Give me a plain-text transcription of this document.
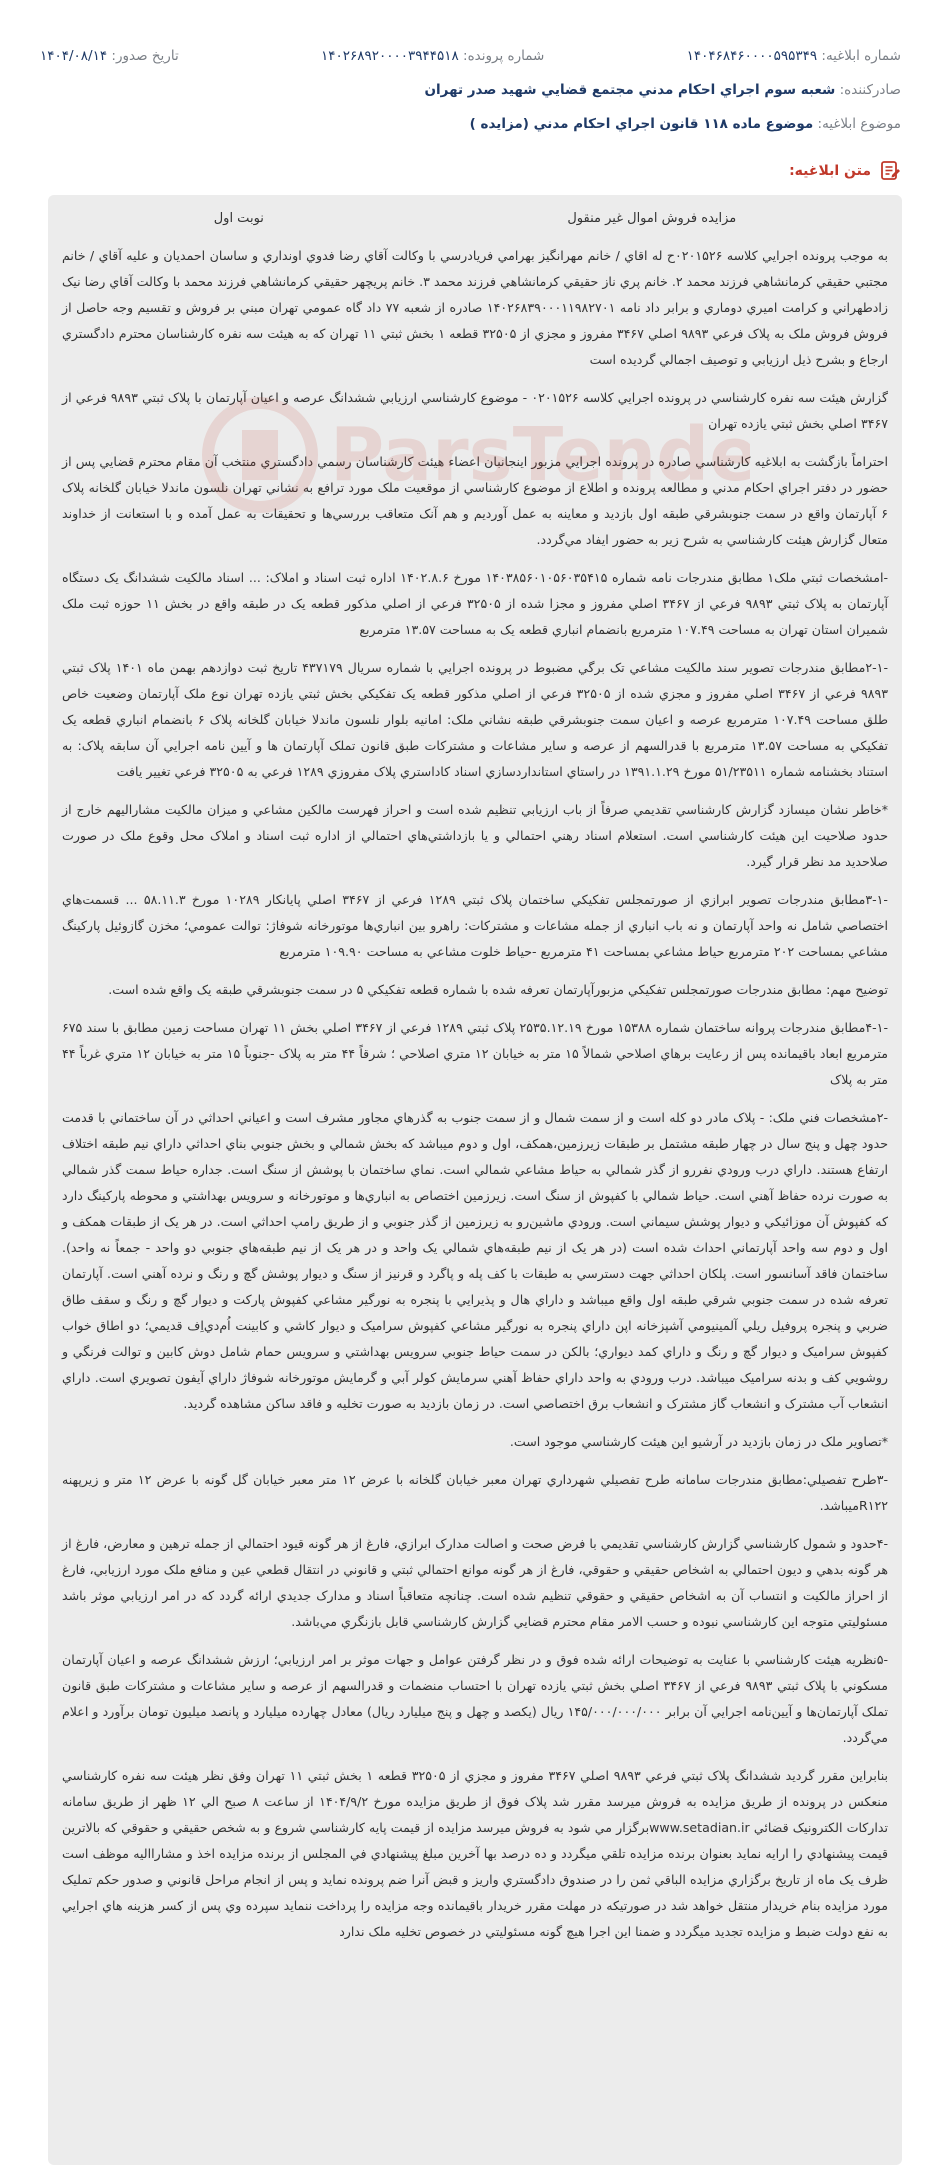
شماره ابلاغيه: ۱۴۰۴۶۸۴۶۰۰۰۰۵۹۵۳۴۹
شماره پرونده: ۱۴۰۲۶۸۹۲۰۰۰۰۳۹۴۴۵۱۸
تاريخ صدور: ۱۴۰۴/۰۸/۱۴
صادرکننده: شعبه سوم اجراي احکام مدني مجتمع قضايي شهيد صدر تهران
موضوع ابلاغيه: موضوع ماده ۱۱۸ قانون اجراي احکام مدني (مزايده )
متن ابلاغيه:
مزايده فروش اموال غير منقول
نوبت اول

به موجب پرونده اجرايي کلاسه ۰۲۰۱۵۲۶ح له اقاي / خانم مهرانگيز بهرامي فريادرسي با وکالت آقاي رضا فدوي اونداري و ساسان احمديان و عليه آقاي / خانم مجتبي حقيقي کرمانشاهي فرزند محمد ۲. خانم پري ناز حقيقي کرمانشاهي فرزند محمد ۳. خانم پريچهر حقيقي کرمانشاهي فرزند محمد با وکالت آقاي رضا نيک زادطهراني و کرامت اميري دوماري و برابر داد نامه ۱۴۰۲۶۸۳۹۰۰۰۱۱۹۸۲۷۰۱ صادره از شعبه ۷۷ داد گاه عمومي تهران مبني بر فروش و تقسيم وجه حاصل از فروش فروش ملک به پلاک فرعي ۹۸۹۳ اصلي ۳۴۶۷ مفروز و مجزي از ۳۲۵۰۵ قطعه ۱ بخش ثبتي ۱۱ تهران که به هيئت سه نفره کارشناسان محترم دادگستري ارجاع و بشرح ذيل ارزيابي و توصيف اجمالي گرديده است

گزارش هيئت سه نفره کارشناسي در پرونده اجرايي کلاسه ۰۲۰۱۵۲۶ - موضوع کارشناسي ارزيابي ششدانگ عرصه و اعيان آپارتمان با پلاک ثبتي ۹۸۹۳ فرعي از ۳۴۶۷ اصلي بخش ثبتي يازده تهران

احتراماً بازگشت به ابلاغيه کارشناسي صادره در پرونده اجرايي مزبور اينجانبان اعضاء هيئت کارشناسان رسمي دادگستري منتخب آن مقام محترم قضايي پس از حضور در دفتر اجراي احکام مدني و مطالعه پرونده و اطلاع از موضوع کارشناسي از موقعيت ملک مورد ترافع به نشاني تهران نلسون ماندلا خيابان گلخانه پلاک ۶ آپارتمان واقع در سمت جنوبشرقي طبقه اول بازديد و معاينه به عمل آورديم و هم آنک متعاقب بررسي‌ها و تحقيقات به عمل آمده و با استعانت از خداوند متعال گزارش هيئت کارشناسي به شرح زير به حضور ايفاد مي‌گردد.

-امشخصات ثبتي ملک۱ مطابق مندرجات نامه شماره ۱۴۰۳۸۵۶۰۱۰۵۶۰۳۵۴۱۵ مورخ ۱۴۰۲.۸.۶ اداره ثبت اسناد و املاک: ... اسناد مالکيت ششدانگ يک دستگاه آپارتمان به پلاک ثبتي ۹۸۹۳ فرعي از ۳۴۶۷ اصلي مفروز و مجزا شده از ۳۲۵۰۵ فرعي از اصلي مذکور قطعه يک در طبقه واقع در بخش ۱۱ حوزه ثبت ملک شميران استان تهران به مساحت ۱۰۷.۴۹ مترمربع بانضمام انباري قطعه يک به مساحت ۱۳.۵۷ مترمربع

-۲-۱مطابق مندرجات تصوير سند مالکيت مشاعي تک برگي مضبوط در پرونده اجرايي با شماره سريال ۴۳۷۱۷۹ تاريخ ثبت دوازدهم بهمن ماه ۱۴۰۱ پلاک ثبتي ۹۸۹۳ فرعي از ۳۴۶۷ اصلي مفروز و مجزي شده از ۳۲۵۰۵ فرعي از اصلي مذکور قطعه يک تفکيکي بخش ثبتي يازده تهران نوع ملک آپارتمان وضعيت خاص طلق مساحت ۱۰۷.۴۹ مترمربع عرصه و اعيان سمت جنوبشرقي طبقه نشاني ملک: امانيه بلوار نلسون ماندلا خيابان گلخانه پلاک ۶ بانضمام انباري قطعه يک تفکيکي به مساحت ۱۳.۵۷ مترمربع با قدرالسهم از عرصه و ساير مشاعات و مشترکات طبق قانون تملک آپارتمان ها و آيين نامه اجرايي آن سابقه پلاک: به استناد بخشنامه شماره ۵۱/۲۳۵۱۱ مورخ ۱۳۹۱.۱.۲۹ در راستاي استانداردسازي اسناد کاداستري پلاک مفروزي ۱۲۸۹ فرعي به ۳۲۵۰۵ فرعي تغيير يافت

*خاطر نشان ميسازد گزارش کارشناسي تقديمي صرفاً از باب ارزيابي تنظيم شده است و احراز فهرست مالکين مشاعي و ميزان مالکيت مشاراليهم خارج از حدود صلاحيت اين هيئت کارشناسي است. استعلام اسناد رهني احتمالي و يا بازداشتي‌هاي احتمالي از اداره ثبت اسناد و املاک محل وقوع ملک در صورت صلاحديد مد نظر قرار گيرد.

-۳-۱مطابق مندرجات تصوير ابرازي از صورتمجلس تفکيکي ساختمان پلاک ثبتي ۱۲۸۹ فرعي از ۳۴۶۷ اصلي پايانکار ۱۰۲۸۹ مورخ ۵۸.۱۱.۳ ... قسمت‌هاي اختصاصي شامل نه واحد آپارتمان و نه باب انباري از جمله مشاعات و مشترکات: راهرو بين انباري‌ها موتورخانه شوفاژ: توالت عمومي؛ مخزن گازوئيل پارکينگ مشاعي بمساحت ۲۰۲ مترمربع حياط مشاعي بمساحت ۴۱ مترمربع -حياط خلوت مشاعي به مساحت ۱۰۹.۹۰ مترمربع

توضيح مهم: مطابق مندرجات صورتمجلس تفکيکي مزبورآپارتمان تعرفه شده با شماره قطعه تفکيکي ۵ در سمت جنوبشرقي طبقه يک واقع شده است.

-۴-۱مطابق مندرجات پروانه ساختمان شماره ۱۵۳۸۸ مورخ ۲۵۳۵.۱۲.۱۹ پلاک ثبتي ۱۲۸۹ فرعي از ۳۴۶۷ اصلي بخش ۱۱ تهران مساحت زمين مطابق با سند ۶۷۵ مترمربع ابعاد باقيمانده پس از رعايت برهاي اصلاحي شمالاً ۱۵ متر به خيابان ۱۲ متري اصلاحي ؛ شرقاً ۴۴ متر به پلاک -جنوباً ۱۵ متر به خيابان ۱۲ متري غرباً ۴۴ متر به پلاک

-۲مشخصات فني ملک: - پلاک مادر دو کله است و از سمت شمال و از سمت جنوب به گذرهاي مجاور مشرف است و اعياني احداثي در آن ساختماني با قدمت حدود چهل و پنج سال در چهار طبقه مشتمل بر طبقات زيرزمين،همکف، اول و دوم ميباشد که بخش شمالي و بخش جنوبي بناي احداثي داراي نيم طبقه اختلاف ارتفاع هستند. داراي درب ورودي نفررو از گذر شمالي به حياط مشاعي شمالي است. نماي ساختمان با پوشش از سنگ است. جداره حياط سمت گذر شمالي به صورت نرده حفاظ آهني است. حياط شمالي با کفپوش از سنگ است. زيرزمين اختصاص به انباري‌ها و موتورخانه و سرويس بهداشتي و محوطه پارکينگ دارد که کفپوش آن موزائيکي و ديوار پوشش سيماني است. ورودي ماشين‌رو به زيرزمين از گذر جنوبي و از طريق رامپ احداثي است. در هر يک از طبقات همکف و اول و دوم سه واحد آپارتماني احداث شده است (در هر يک از نيم طبقه‌هاي شمالي يک واحد و در هر يک از نيم طبقه‌هاي جنوبي دو واحد - جمعاً نه واحد). ساختمان فاقد آسانسور است. پلکان احداثي جهت دسترسي به طبقات با کف پله و پاگرد و قرنيز از سنگ و ديوار پوشش گچ و رنگ و نرده آهني است. آپارتمان تعرفه شده در سمت جنوبي شرقي طبقه اول واقع ميباشد و داراي هال و پذيرايي با پنجره به نورگير مشاعي کفپوش پارکت و ديوار گچ و رنگ و سقف طاق ضربي و پنجره پروفيل ريلي آلمينيومي آشپزخانه اپن داراي پنجره به نورگير مشاعي کفپوش سراميک و ديوار کاشي و کابينت اُم‌دي‌اِف قديمي؛ دو اطاق خواب کفپوش سراميک و ديوار گچ و رنگ و داراي کمد ديواري؛ بالکن در سمت حياط جنوبي سرويس بهداشتي و سرويس حمام شامل دوش کابين و توالت فرنگي و روشويي کف و بدنه سراميک ميباشد. درب ورودي به واحد داراي حفاظ آهني سرمايش کولر آبي و گرمايش موتورخانه شوفاژ داراي آيفون تصويري است. داراي انشعاب آب مشترک و انشعاب گاز مشترک و انشعاب برق اختصاصي است. در زمان بازديد به صورت تخليه و فاقد ساکن مشاهده گرديد.

*تصاوير ملک در زمان بازديد در آرشيو اين هيئت کارشناسي موجود است.

-۳طرح تفصيلي:مطابق مندرجات سامانه طرح تفصيلي شهرداري تهران معبر خيابان گلخانه با عرض ۱۲ متر معبر خيابان گل گونه با عرض ۱۲ متر و زيرپهنه R۱۲۲ميباشد.

-۴حدود و شمول کارشناسي گزارش کارشناسي تقديمي با فرض صحت و اصالت مدارک ابرازي، فارغ از هر گونه قيود احتمالي از جمله ترهين و معارض، فارغ از هر گونه بدهي و ديون احتمالي به اشخاص حقيقي و حقوقي، فارغ از هر گونه موانع احتمالي ثبتي و قانوني در انتقال قطعي عين و منافع ملک مورد ارزيابي، فارغ از احراز مالکيت و انتساب آن به اشخاص حقيقي و حقوقي تنظيم شده است. چنانچه متعاقباً اسناد و مدارک جديدي ارائه گردد که در امر ارزيابي موثر باشد مسئوليتي متوجه اين کارشناسي نبوده و حسب الامر مقام محترم قضايي گزارش کارشناسي قابل بازنگري مي‌باشد.

-۵نظريه هيئت کارشناسي با عنايت به توضيحات ارائه شده فوق و در نظر گرفتن عوامل و جهات موثر بر امر ارزيابي؛ ارزش ششدانگ عرصه و اعيان آپارتمان مسکوني با پلاک ثبتي ۹۸۹۳ فرعي از ۳۴۶۷ اصلي بخش ثبتي يازده تهران با احتساب منضمات و قدرالسهم از عرصه و ساير مشاعات و مشترکات طبق قانون تملک آپارتمان‌ها و آيين‌نامه اجرايي آن برابر ۱۴۵/۰۰۰/۰۰۰/۰۰۰ ريال (يکصد و چهل و پنج ميليارد ريال) معادل چهارده ميليارد و پانصد ميليون تومان برآورد و اعلام مي‌گردد.

بنابراين مقرر گرديد ششدانگ پلاک ثبتي فرعي ۹۸۹۳ اصلي ۳۴۶۷ مفروز و مجزي از ۳۲۵۰۵ قطعه ۱ بخش ثبتي ۱۱ تهران وفق نظر هيئت سه نفره کارشناسي منعکس در پرونده از طريق مزايده به فروش ميرسد مقرر شد پلاک فوق از طريق مزايده مورخ ۱۴۰۴/۹/۲ از ساعت ۸ صبح الي ۱۲ ظهر از طريق سامانه تدارکات الکترونيک قضائي www.setadian.irبرگزار مي شود به فروش ميرسد مزايده از قيمت پايه کارشناسي شروع و به شخص حقيقي و حقوقي که بالاترين قيمت پيشنهادي را ارايه نمايد بعنوان برنده مزايده تلقي ميگردد و ده درصد بها آخرين مبلغ پيشنهادي في المجلس از برنده مزايده اخذ و مشارااليه موظف است ظرف يک ماه از تاريخ برگزاري مزايده الباقي ثمن را در صندوق دادگستري واريز و قبض آنرا ضم پرونده نمايد و پس از انجام مراحل قانوني و صدور حکم تمليک مورد مزايده بنام خريدار منتقل خواهد شد در صورتيکه در مهلت مقرر خريدار باقيمانده وجه مزايده را پرداخت ننمايد سپرده وي پس از کسر هزينه هاي اجرايي به نفع دولت ضبط و مزايده تجديد ميگردد و ضمنا اين اجرا هيچ گونه مسئوليتي در خصوص تخليه ملک ندارد
